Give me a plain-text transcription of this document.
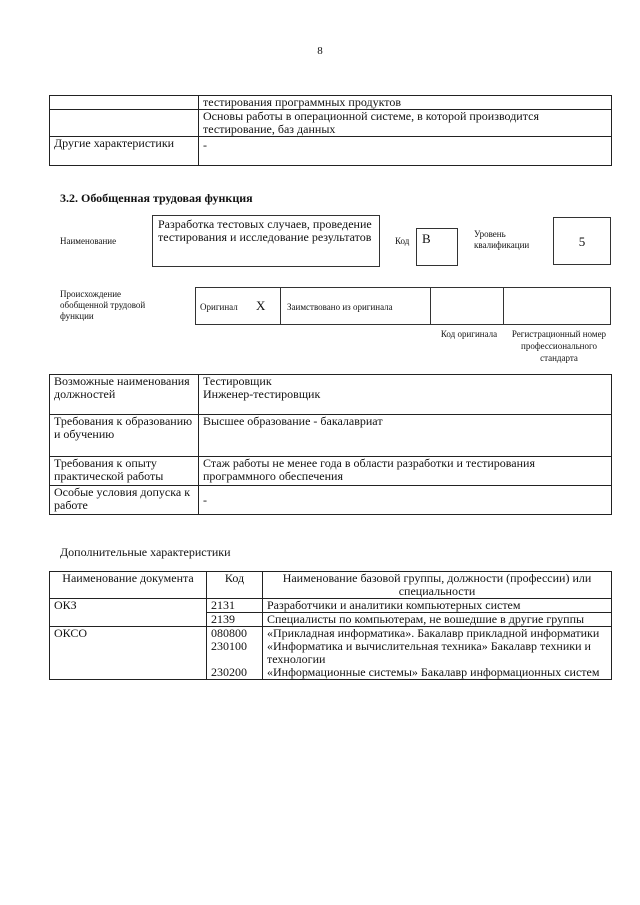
8
	тестирования программных продуктов
	Основы работы в операционной системе, в которой производится тестирование, баз данных
Другие характеристики	-
3.2. Обобщенная трудовая функция
Наименование
Разработка тестовых случаев, проведение тестирования и исследование результатов	Код В	Уровень квалификации	5
Происхождение обобщенной трудовой функции
Оригинал X Заимствовано из оригинала
Код оригинала	Регистрационный номер профессионального стандарта
Возможные наименования должностей	Тестировщик
Инженер-тестировщик

Требования к образованию и обучению	Высшее образование - бакалавриат
Требования к опыту практической работы	Стаж работы не менее года в области разработки и тестирования программного обеспечения
Особые условия допуска к работе	-
Дополнительные характеристики
Наименование документа	Код	Наименование базовой группы, должности (профессии) или специальности
ОКЗ	2131	Разработчики и аналитики компьютерных систем
	2139	Специалисты по компьютерам, не вошедшие в другие группы
ОКСО	080800	«Прикладная информатика». Бакалавр прикладной информатики
	230100	«Информатика и вычислительная техника» Бакалавр техники и технологии
	230200	«Информационные системы» Бакалавр информационных систем
